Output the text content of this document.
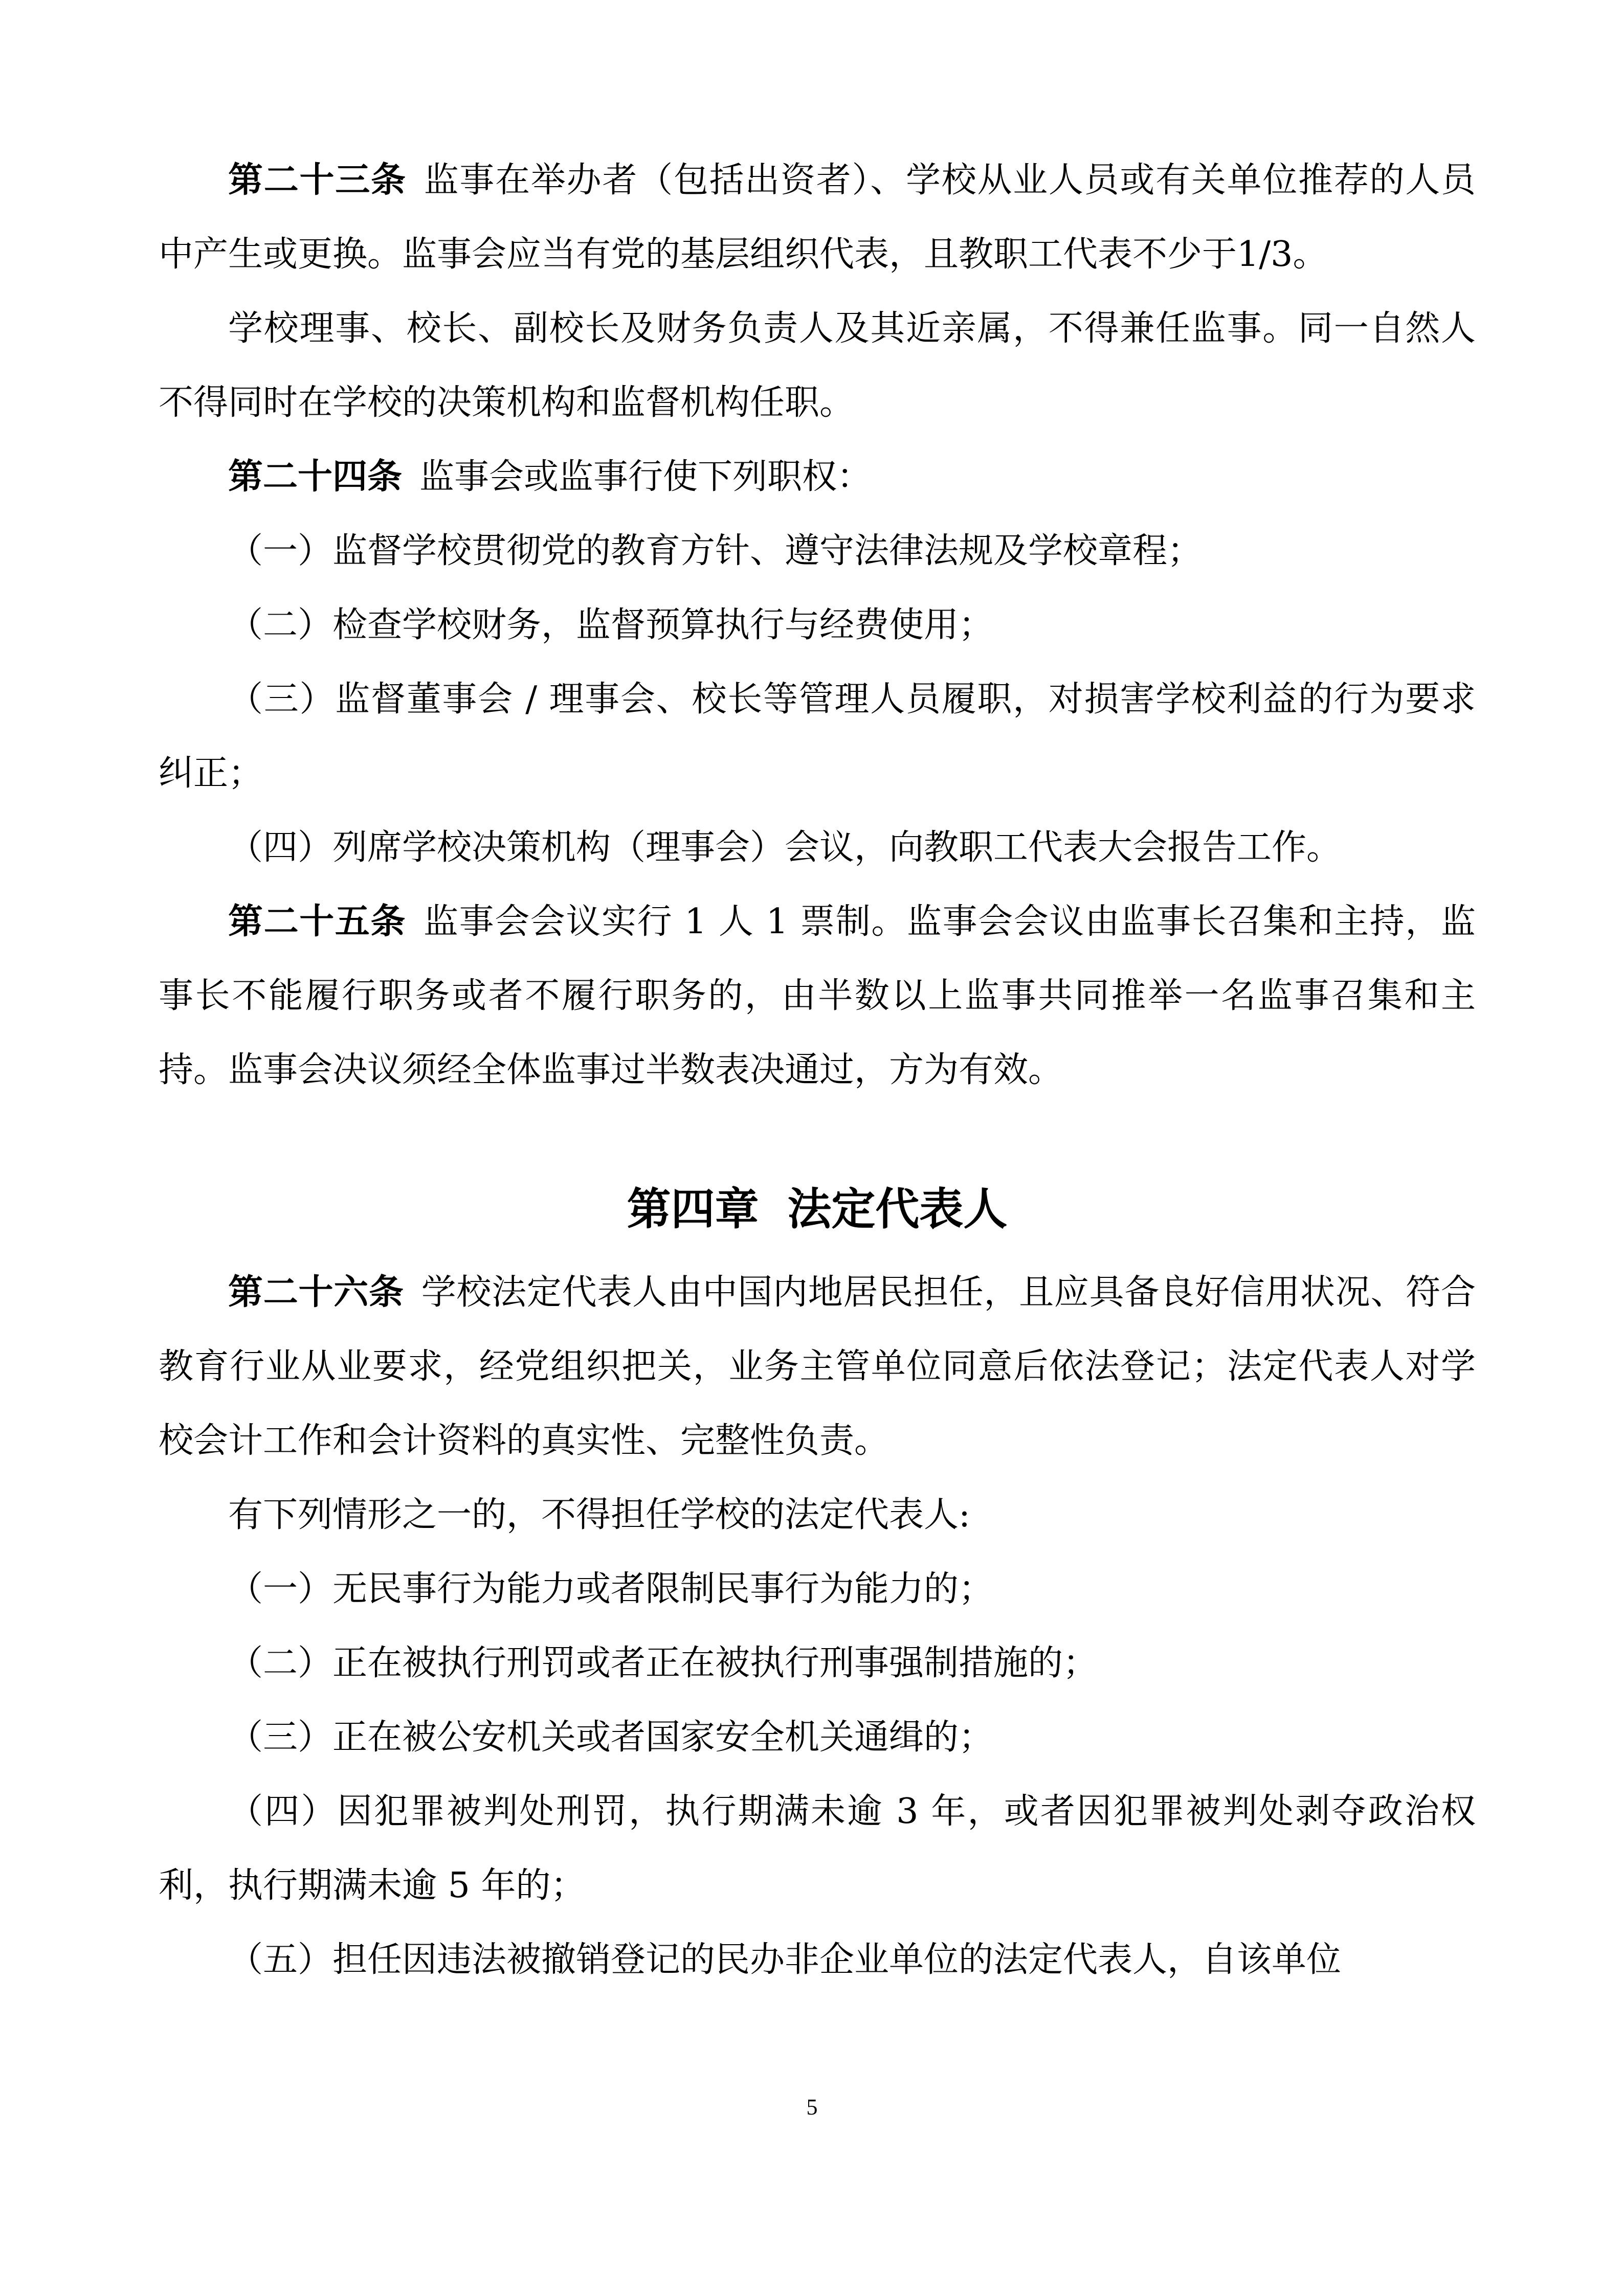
第二十三条 监事在举办者（包括出资者）、学校从业人员或有关单位推荐的人员中产生或更换。监事会应当有党的基层组织代表，且教职工代表不少于1/3。

学校理事、校长、副校长及财务负责人及其近亲属，不得兼任监事。同一自然人不得同时在学校的决策机构和监督机构任职。

第二十四条 监事会或监事行使下列职权：

（一）监督学校贯彻党的教育方针、遵守法律法规及学校章程；

（二）检查学校财务，监督预算执行与经费使用；

（三）监督董事会 / 理事会、校长等管理人员履职，对损害学校利益的行为要求纠正；

（四）列席学校决策机构（理事会）会议，向教职工代表大会报告工作。

第二十五条 监事会会议实行 1 人 1 票制。监事会会议由监事长召集和主持，监事长不能履行职务或者不履行职务的，由半数以上监事共同推举一名监事召集和主持。监事会决议须经全体监事过半数表决通过，方为有效。

第四章 法定代表人

第二十六条 学校法定代表人由中国内地居民担任，且应具备良好信用状况、符合教育行业从业要求，经党组织把关，业务主管单位同意后依法登记；法定代表人对学校会计工作和会计资料的真实性、完整性负责。

有下列情形之一的，不得担任学校的法定代表人:

（一）无民事行为能力或者限制民事行为能力的；

（二）正在被执行刑罚或者正在被执行刑事强制措施的；

（三）正在被公安机关或者国家安全机关通缉的；

（四）因犯罪被判处刑罚，执行期满未逾 3 年，或者因犯罪被判处剥夺政治权利，执行期满未逾 5 年的；

（五）担任因违法被撤销登记的民办非企业单位的法定代表人，自该单位

5
